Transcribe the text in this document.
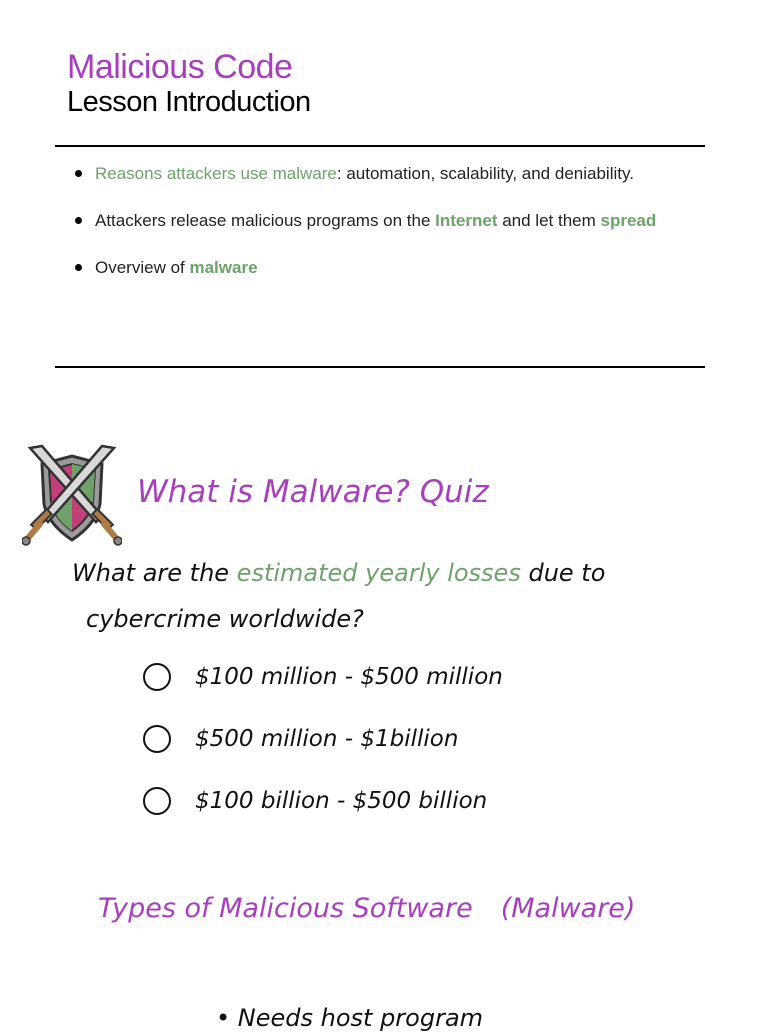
Malicious Code
Lesson Introduction
Reasons attackers use malware: automation, scalability, and deniability.
Attackers release malicious programs on the Internet and let them spread
Overview of malware
What is Malware? Quiz
What are the estimated yearly losses due to
cybercrime worldwide?
$100 million - $500 million
$500 million - $1billion
$100 billion - $500 billion
Types of Malicious Software (Malware)
• Needs host program
